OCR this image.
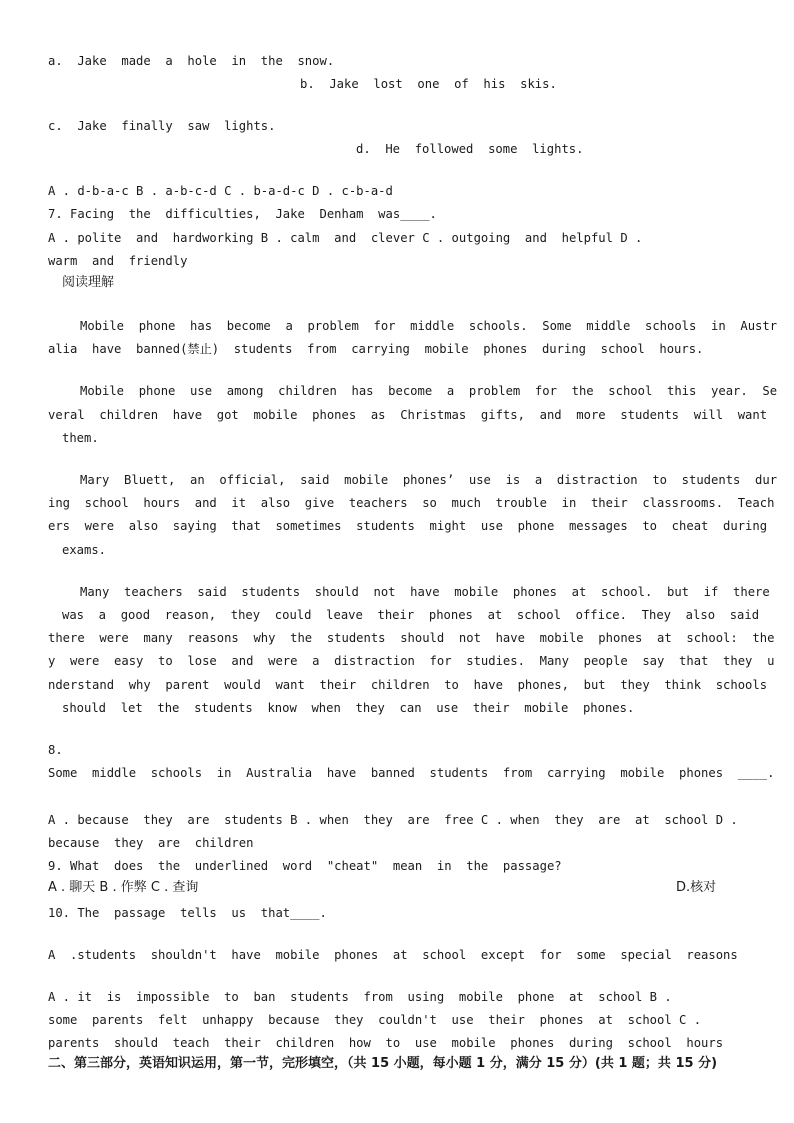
a.  Jake  made  a  hole  in  the  snow.
b.  Jake  lost  one  of  his  skis.
c.  Jake  finally  saw  lights.
d.  He  followed  some  lights.
A . d-b-a-c B . a-b-c-d C . b-a-d-c D . c-b-a-d
7. Facing  the  difficulties,  Jake  Denham  was____.
A . polite  and  hardworking B . calm  and  clever C . outgoing  and  helpful D .
warm  and  friendly
阅读理解
Mobile  phone  has  become  a  problem  for  middle  schools.  Some  middle  schools  in  Austr
alia  have  banned(禁止)  students  from  carrying  mobile  phones  during  school  hours.
Mobile  phone  use  among  children  has  become  a  problem  for  the  school  this  year.  Se
veral  children  have  got  mobile  phones  as  Christmas  gifts,  and  more  students  will  want
them.
Mary  Bluett,  an  official,  said  mobile  phones’  use  is  a  distraction  to  students  dur
ing  school  hours  and  it  also  give  teachers  so  much  trouble  in  their  classrooms.  Teach
ers  were  also  saying  that  sometimes  students  might  use  phone  messages  to  cheat  during
exams.
Many  teachers  said  students  should  not  have  mobile  phones  at  school.  but  if  there
was  a  good  reason,  they  could  leave  their  phones  at  school  office.  They  also  said
there  were  many  reasons  why  the  students  should  not  have  mobile  phones  at  school:  the
y  were  easy  to  lose  and  were  a  distraction  for  studies.  Many  people  say  that  they  u
nderstand  why  parent  would  want  their  children  to  have  phones,  but  they  think  schools
should  let  the  students  know  when  they  can  use  their  mobile  phones.
8.
Some  middle  schools  in  Australia  have  banned  students  from  carrying  mobile  phones  ____.
A . because  they  are  students B . when  they  are  free C . when  they  are  at  school D .
because  they  are  children
9. What  does  the  underlined  word  "cheat"  mean  in  the  passage?
A . 聊天 B . 作弊 C . 查询	D.核对
10. The  passage  tells  us  that____.
A  .students  shouldn't  have  mobile  phones  at  school  except  for  some  special  reasons
A . it  is  impossible  to  ban  students  from  using  mobile  phone  at  school B .
some  parents  felt  unhappy  because  they  couldn't  use  their  phones  at  school C .
parents  should  teach  their  children  how  to  use  mobile  phones  during  school  hours
二、第三部分，英语知识运用，第一节，完形填空，（共 15 小题，每小题 1 分，满分 15 分）(共 1 题；共 15 分)
